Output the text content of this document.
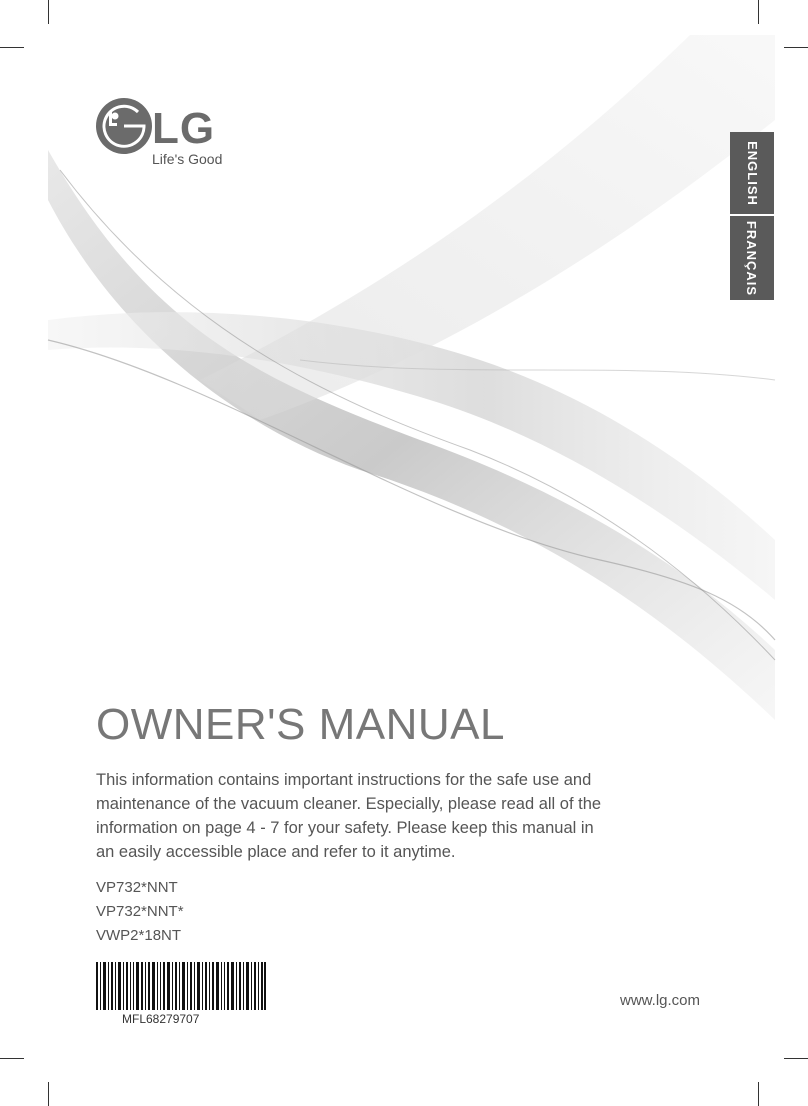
LG
Life's Good	ENGLISH
FRANÇAIS
OWNER'S MANUAL

This information contains important instructions for the safe use and maintenance of the vacuum cleaner. Especially, please read all of the information on page 4 - 7 for your safety. Please keep this manual in an easily accessible place and refer to it anytime.

VP732*NNT
VP732*NNT*
VWP2*18NT
MFL68279707
www.lg.com
